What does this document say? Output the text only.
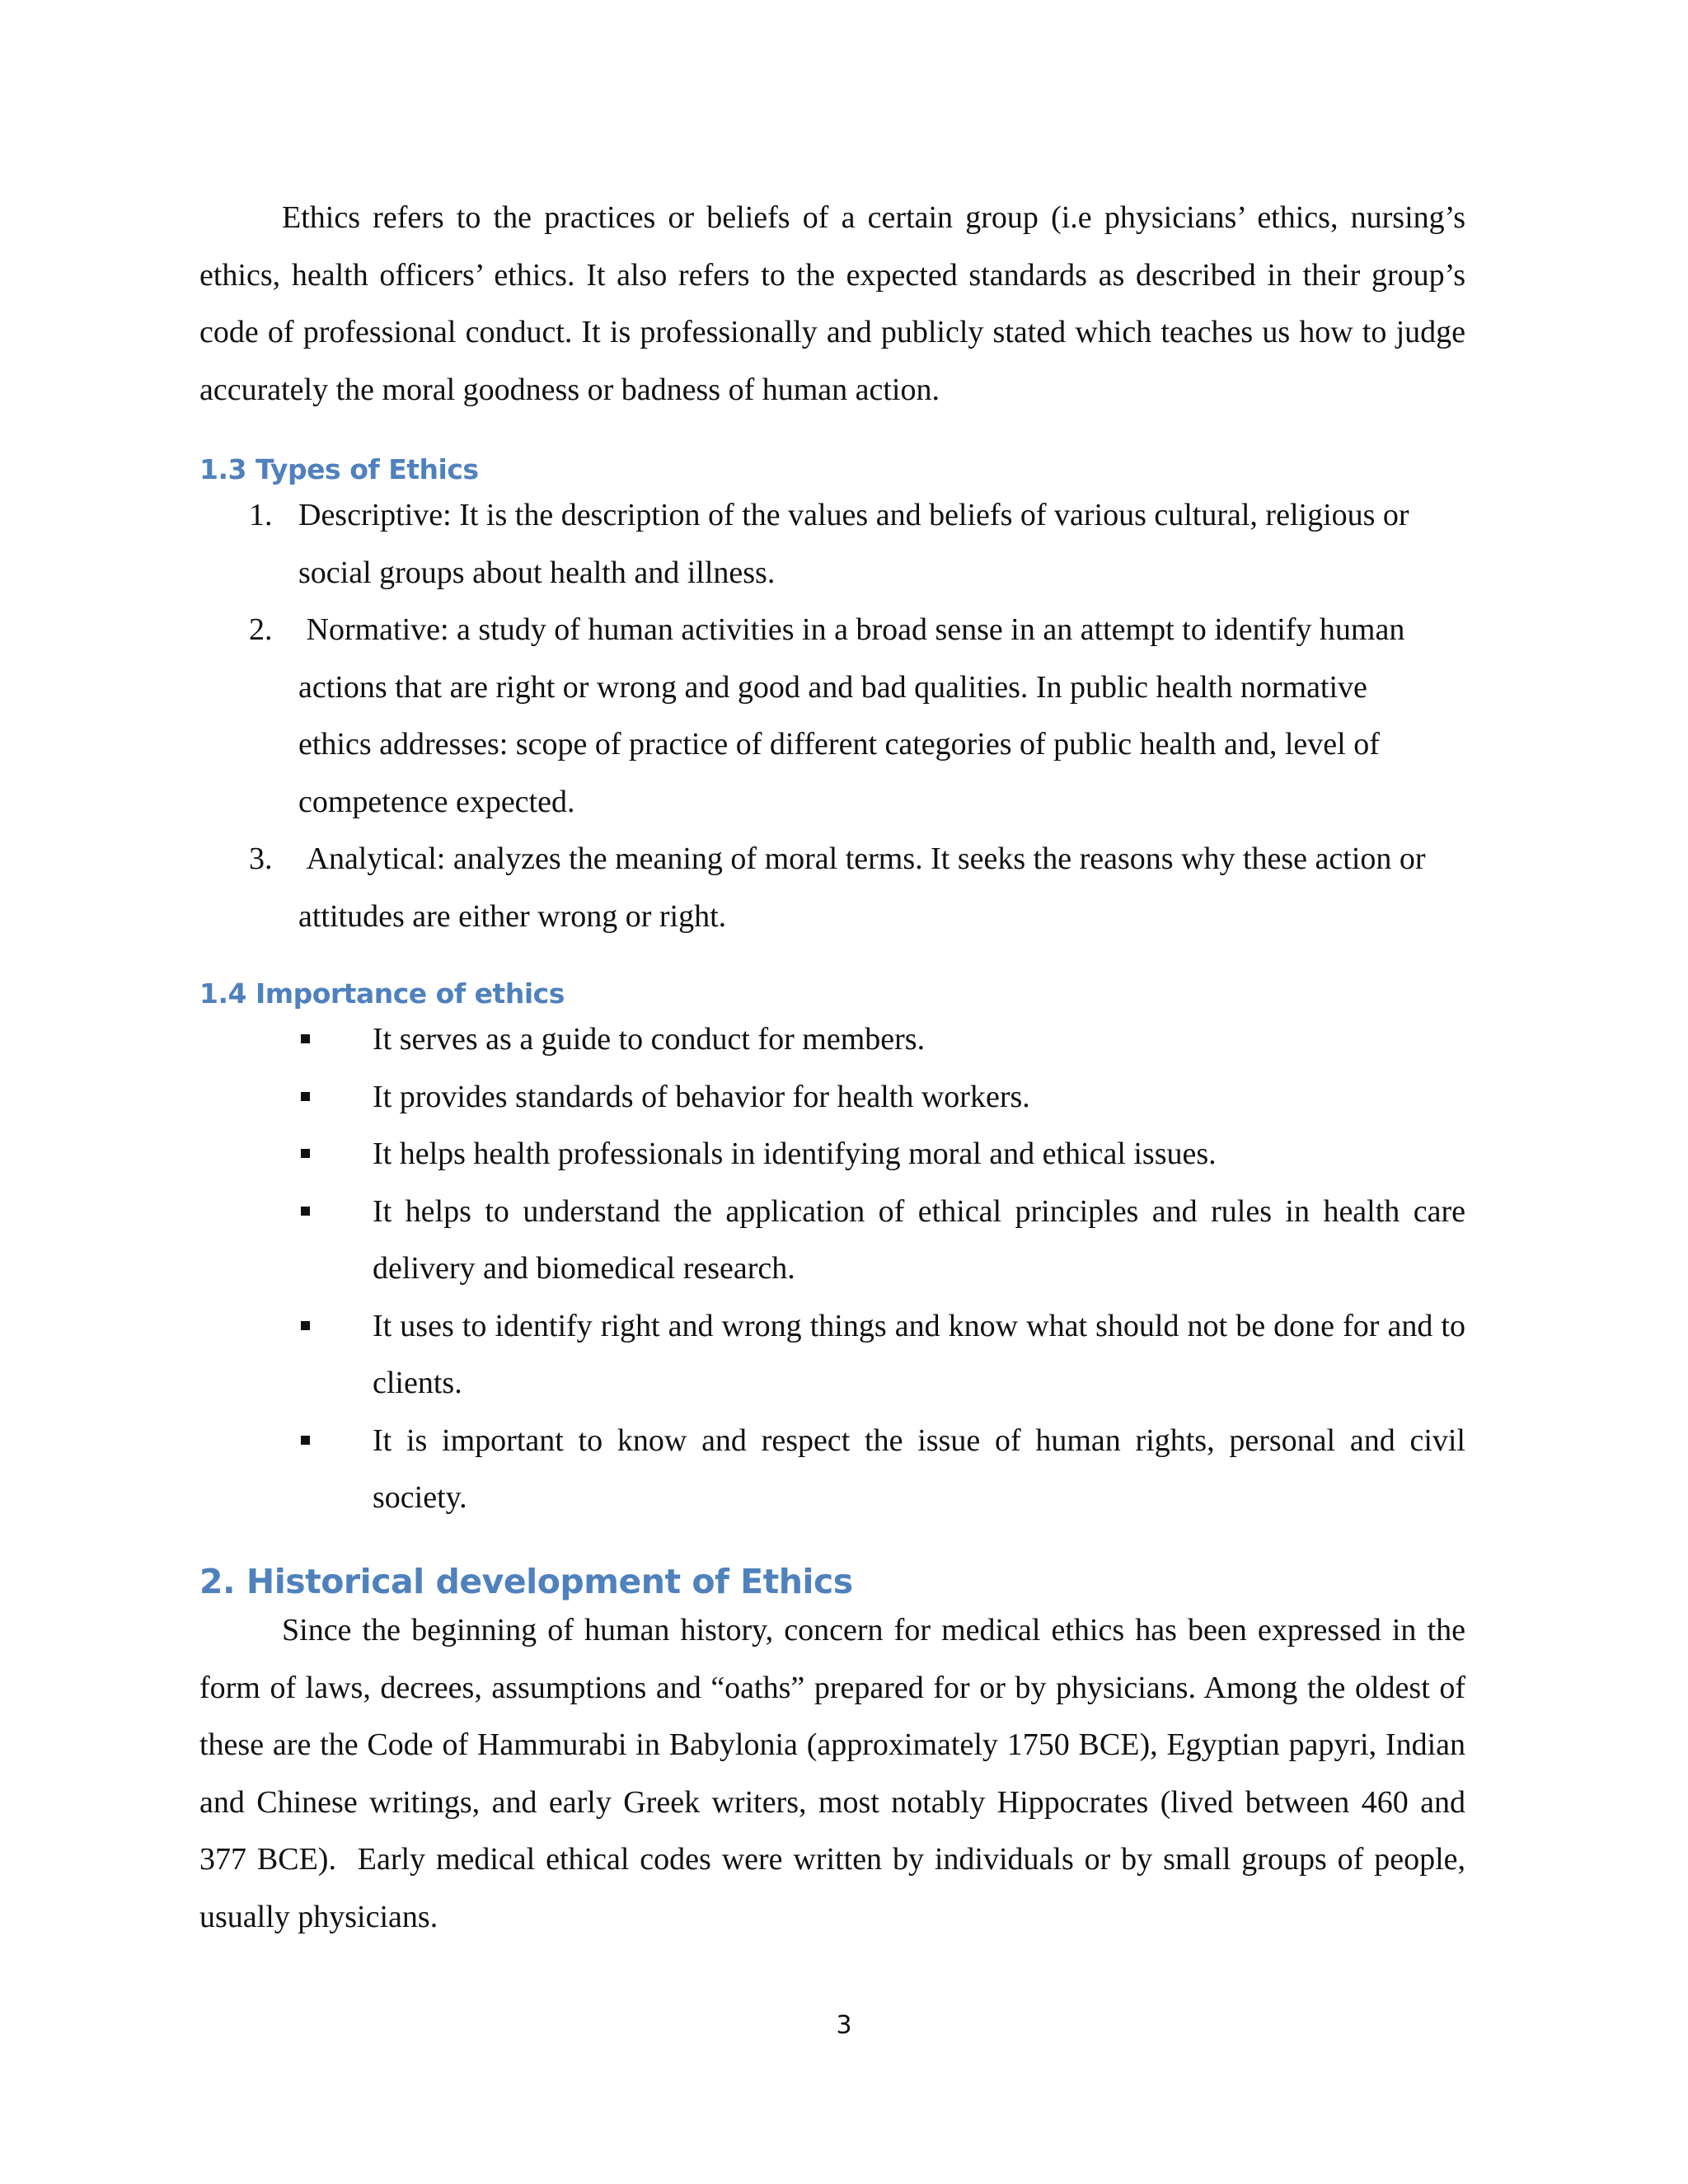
Ethics refers to the practices or beliefs of a certain group (i.e physicians’ ethics, nursing’s ethics, health officers’ ethics. It also refers to the expected standards as described in their group’s code of professional conduct. It is professionally and publicly stated which teaches us how to judge accurately the moral goodness or badness of human action.

1.3 Types of Ethics
1. Descriptive: It is the description of the values and beliefs of various cultural, religious or social groups about health and illness.
2. Normative: a study of human activities in a broad sense in an attempt to identify human actions that are right or wrong and good and bad qualities. In public health normative ethics addresses: scope of practice of different categories of public health and, level of competence expected.
3. Analytical: analyzes the meaning of moral terms. It seeks the reasons why these action or attitudes are either wrong or right.
1.4 Importance of ethics
It serves as a guide to conduct for members.
It provides standards of behavior for health workers.
It helps health professionals in identifying moral and ethical issues.
It helps to understand the application of ethical principles and rules in health care delivery and biomedical research.
It uses to identify right and wrong things and know what should not be done for and to clients.
It is important to know and respect the issue of human rights, personal and civil society.
2. Historical development of Ethics

Since the beginning of human history, concern for medical ethics has been expressed in the form of laws, decrees, assumptions and “oaths” prepared for or by physicians. Among the oldest of these are the Code of Hammurabi in Babylonia (approximately 1750 BCE), Egyptian papyri, Indian and Chinese writings, and early Greek writers, most notably Hippocrates (lived between 460 and 377 BCE).  Early medical ethical codes were written by individuals or by small groups of people, usually physicians.

3
